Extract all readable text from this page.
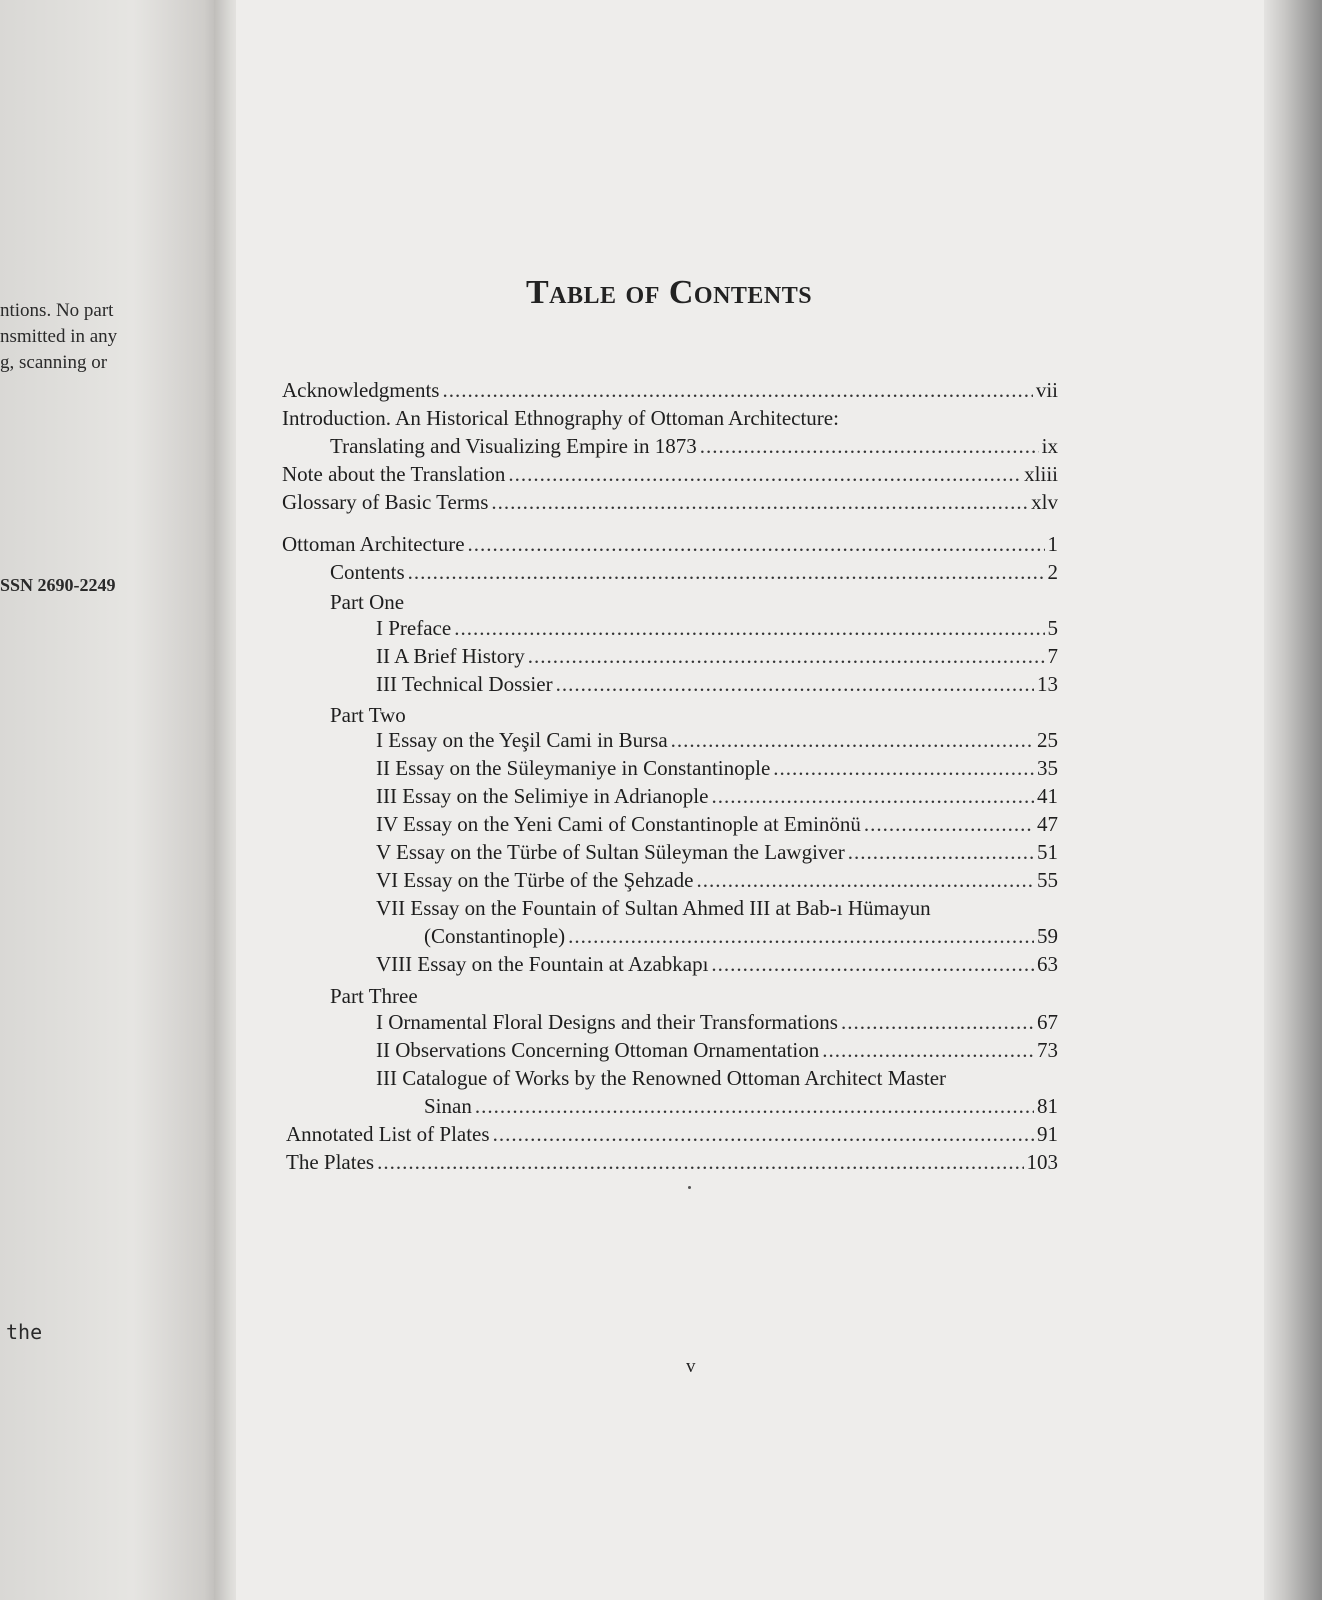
ntions. No part
nsmitted in any
g, scanning or
SSN 2690-2249
the
Table of Contents
Acknowledgments .....	vii
Introduction. An Historical Ethnography of Ottoman Architecture:
Translating and Visualizing Empire in 1873 .....	ix
Note about the Translation .....	xliii
Glossary of Basic Terms .....	xlv
Ottoman Architecture .....	1
Contents .....	2
Part One
I Preface .....	5
II A Brief History .....	7
III Technical Dossier .....	13
Part Two
I Essay on the Yeşil Cami in Bursa .....	25
II Essay on the Süleymaniye in Constantinople .....	35
III Essay on the Selimiye in Adrianople .....	41
IV Essay on the Yeni Cami of Constantinople at Eminönü .....	47
V Essay on the Türbe of Sultan Süleyman the Lawgiver .....	51
VI Essay on the Türbe of the Şehzade .....	55
VII Essay on the Fountain of Sultan Ahmed III at Bab-ı Hümayun
(Constantinople) .....	59
VIII Essay on the Fountain at Azabkapı .....	63
Part Three
I Ornamental Floral Designs and their Transformations .....	67
II Observations Concerning Ottoman Ornamentation .....	73
III Catalogue of Works by the Renowned Ottoman Architect Master
Sinan .....	81
Annotated List of Plates .....	91
The Plates .....	103
v
